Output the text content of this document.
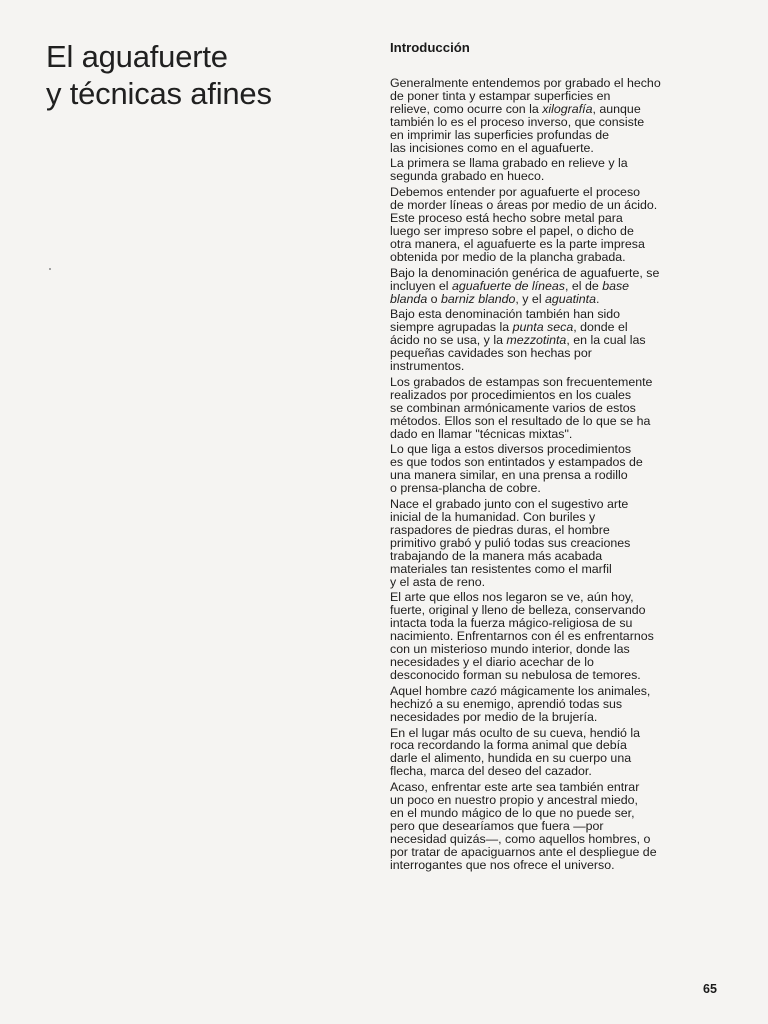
El aguafuerte
y técnicas afines
Introducción

Generalmente entendemos por grabado el hecho
de poner tinta y estampar superficies en
relieve, como ocurre con la xilografía, aunque
también lo es el proceso inverso, que consiste
en imprimir las superficies profundas de
las incisiones como en el aguafuerte.

La primera se llama grabado en relieve y la
segunda grabado en hueco.

Debemos entender por aguafuerte el proceso
de morder líneas o áreas por medio de un ácido.
Este proceso está hecho sobre metal para
luego ser impreso sobre el papel, o dicho de
otra manera, el aguafuerte es la parte impresa
obtenida por medio de la plancha grabada.

Bajo la denominación genérica de aguafuerte, se
incluyen el aguafuerte de líneas, el de base
blanda o barniz blando, y el aguatinta.

Bajo esta denominación también han sido
siempre agrupadas la punta seca, donde el
ácido no se usa, y la mezzotinta, en la cual las
pequeñas cavidades son hechas por
instrumentos.

Los grabados de estampas son frecuentemente
realizados por procedimientos en los cuales
se combinan armónicamente varios de estos
métodos. Ellos son el resultado de lo que se ha
dado en llamar "técnicas mixtas".

Lo que liga a estos diversos procedimientos
es que todos son entintados y estampados de
una manera similar, en una prensa a rodillo
o prensa-plancha de cobre.

Nace el grabado junto con el sugestivo arte
inicial de la humanidad. Con buriles y
raspadores de piedras duras, el hombre
primitivo grabó y pulió todas sus creaciones
trabajando de la manera más acabada
materiales tan resistentes como el marfil
y el asta de reno.

El arte que ellos nos legaron se ve, aún hoy,
fuerte, original y lleno de belleza, conservando
intacta toda la fuerza mágico-religiosa de su
nacimiento. Enfrentarnos con él es enfrentarnos
con un misterioso mundo interior, donde las
necesidades y el diario acechar de lo
desconocido forman su nebulosa de temores.

Aquel hombre cazó mágicamente los animales,
hechizó a su enemigo, aprendió todas sus
necesidades por medio de la brujería.

En el lugar más oculto de su cueva, hendió la
roca recordando la forma animal que debía
darle el alimento, hundida en su cuerpo una
flecha, marca del deseo del cazador.

Acaso, enfrentar este arte sea también entrar
un poco en nuestro propio y ancestral miedo,
en el mundo mágico de lo que no puede ser,
pero que desearíamos que fuera —por
necesidad quizás—, como aquellos hombres, o
por tratar de apaciguarnos ante el despliegue de
interrogantes que nos ofrece el universo.

65
